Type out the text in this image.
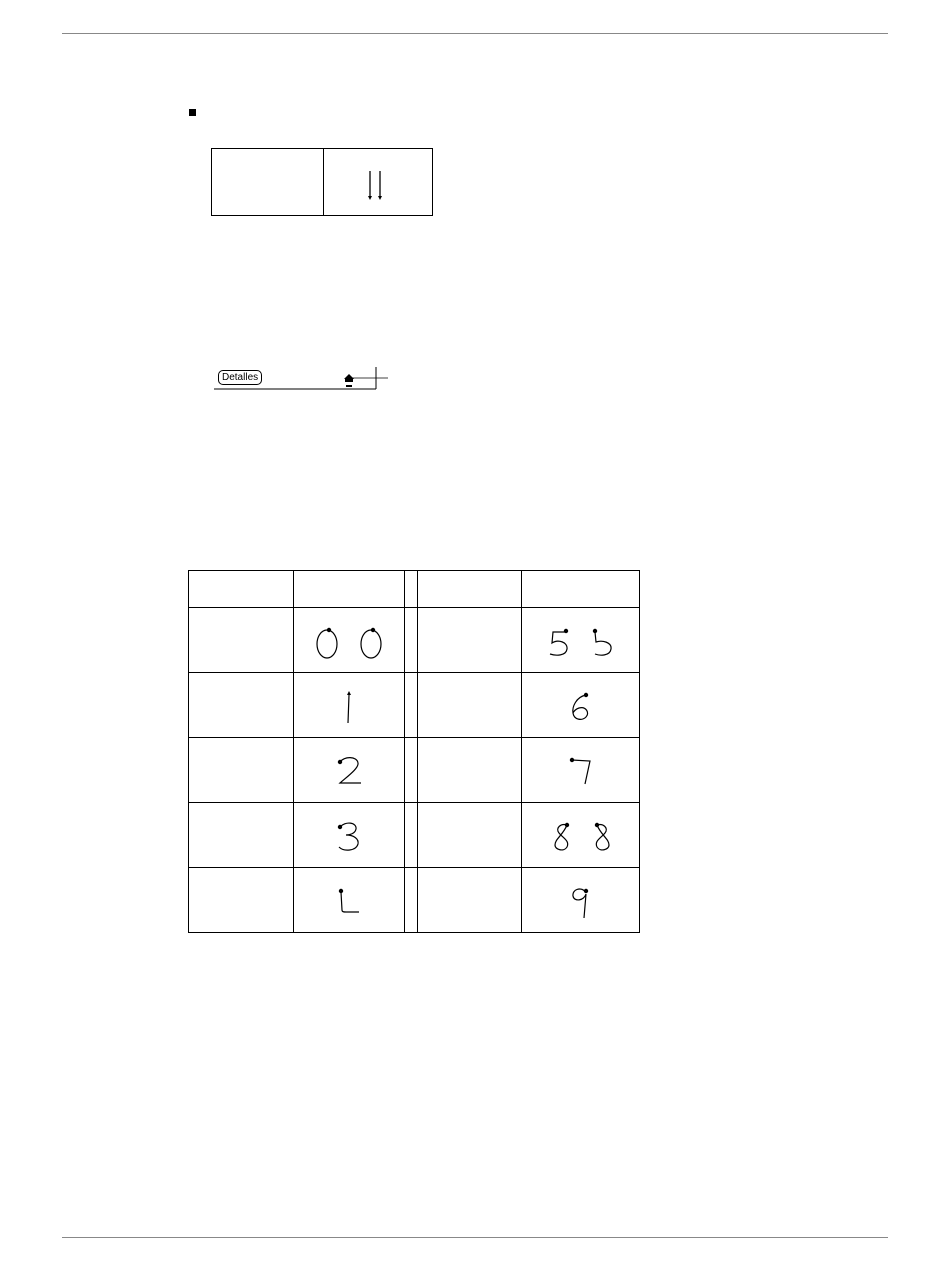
Detalles
